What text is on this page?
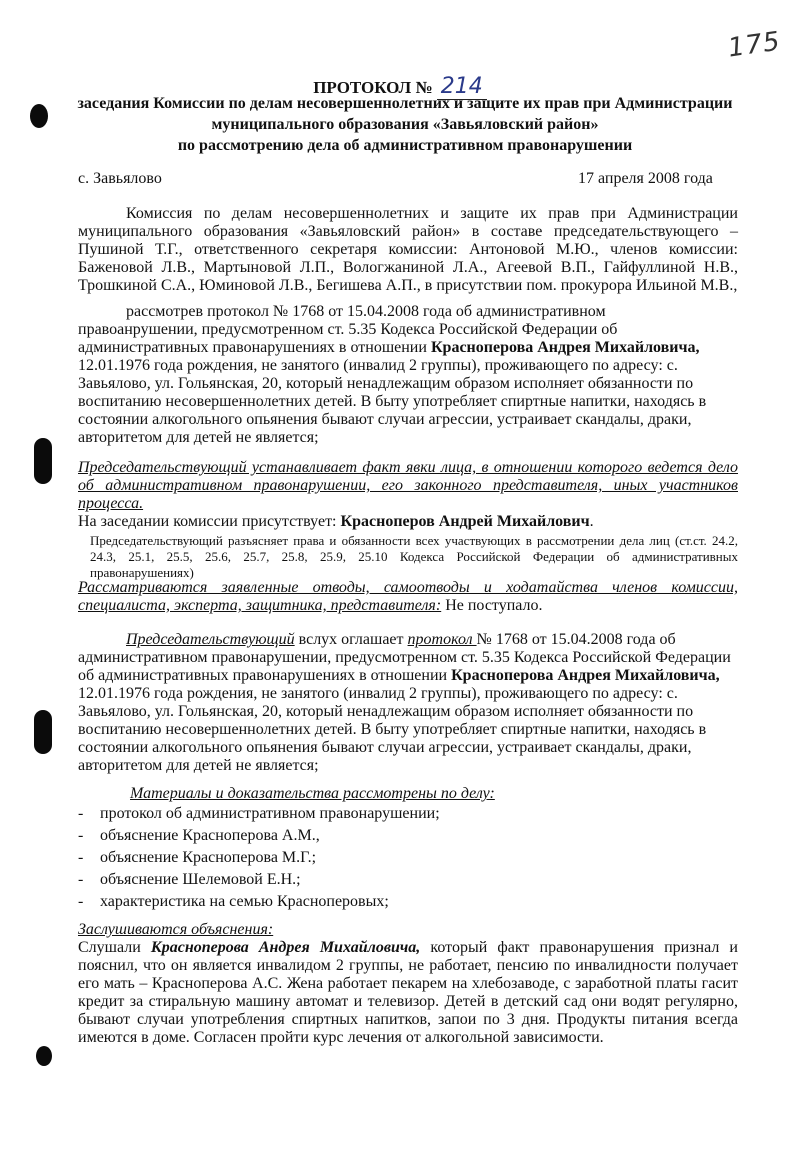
175
ПРОТОКОЛ № 214
заседания Комиссии по делам несовершеннолетних и защите их прав при Администрации
муниципального образования «Завьяловский район»
по рассмотрению дела об административном правонарушении
с. Завьялово	17 апреля 2008 года
Комиссия по делам несовершеннолетних и защите их прав при Администрации
муниципального образования «Завьяловский район» в составе председательствующего –
Пушиной Т.Г., ответственного секретаря комиссии: Антоновой М.Ю., членов комиссии:
Баженовой Л.В., Мартыновой Л.П., Вологжаниной Л.А., Агеевой В.П., Гайфуллиной Н.В.,
Трошкиной С.А., Юминовой Л.В., Бегишева А.П., в присутствии пом. прокурора Ильиной М.В.,
рассмотрев протокол № 1768 от 15.04.2008 года об административном
правоанрушении, предусмотренном ст. 5.35 Кодекса Российской Федерации об
административных правонарушениях в отношении Красноперова Андрея Михайловича,
12.01.1976 года рождения, не занятого (инвалид 2 группы), проживающего по адресу: с.
Завьялово, ул. Гольянская, 20, который ненадлежащим образом исполняет обязанности по
воспитанию несовершеннолетних детей. В быту употребляет спиртные напитки, находясь в
состоянии алкогольного опьянения бывают случаи агрессии, устраивает скандалы, драки,
авторитетом для детей не является;
Председательствующий устанавливает факт явки лица, в отношении которого ведется дело
об административном правонарушении, его законного представителя, иных участников
процесса.
На заседании комиссии присутствует: Красноперов Андрей Михайлович.
Председательствующий разъясняет права и обязанности всех участвующих в рассмотрении дела лиц (ст.ст. 24.2,
24.3, 25.1, 25.5, 25.6, 25.7, 25.8, 25.9, 25.10 Кодекса Российской Федерации об административных
правонарушениях)
Рассматриваются заявленные отводы, самоотводы и ходатайства членов комиссии,
специалиста, эксперта, защитника, представителя: Не поступало.
Председательствующий вслух оглашает протокол № 1768 от 15.04.2008 года об
административном правонарушении, предусмотренном ст. 5.35 Кодекса Российской Федерации
об административных правонарушениях в отношении Красноперова Андрея Михайловича,
12.01.1976 года рождения, не занятого (инвалид 2 группы), проживающего по адресу: с.
Завьялово, ул. Гольянская, 20, который ненадлежащим образом исполняет обязанности по
воспитанию несовершеннолетних детей. В быту употребляет спиртные напитки, находясь в
состоянии алкогольного опьянения бывают случаи агрессии, устраивает скандалы, драки,
авторитетом для детей не является;
Материалы и доказательства рассмотрены по делу:
- протокол об административном правонарушении;
- объяснение Красноперова А.М.,
- объяснение Красноперова М.Г.;
- объяснение Шелемовой Е.Н.;
- характеристика на семью Красноперовых;
Заслушиваются объяснения:
Слушали Красноперова Андрея Михайловича, который факт правонарушения признал и
пояснил, что он является инвалидом 2 группы, не работает, пенсию по инвалидности получает
его мать – Красноперова А.С. Жена работает пекарем на хлебозаводе, с заработной платы гасит
кредит за стиральную машину автомат и телевизор. Детей в детский сад они водят регулярно,
бывают случаи употребления спиртных напитков, запои по 3 дня. Продукты питания всегда
имеются в доме. Согласен пройти курс лечения от алкогольной зависимости.
